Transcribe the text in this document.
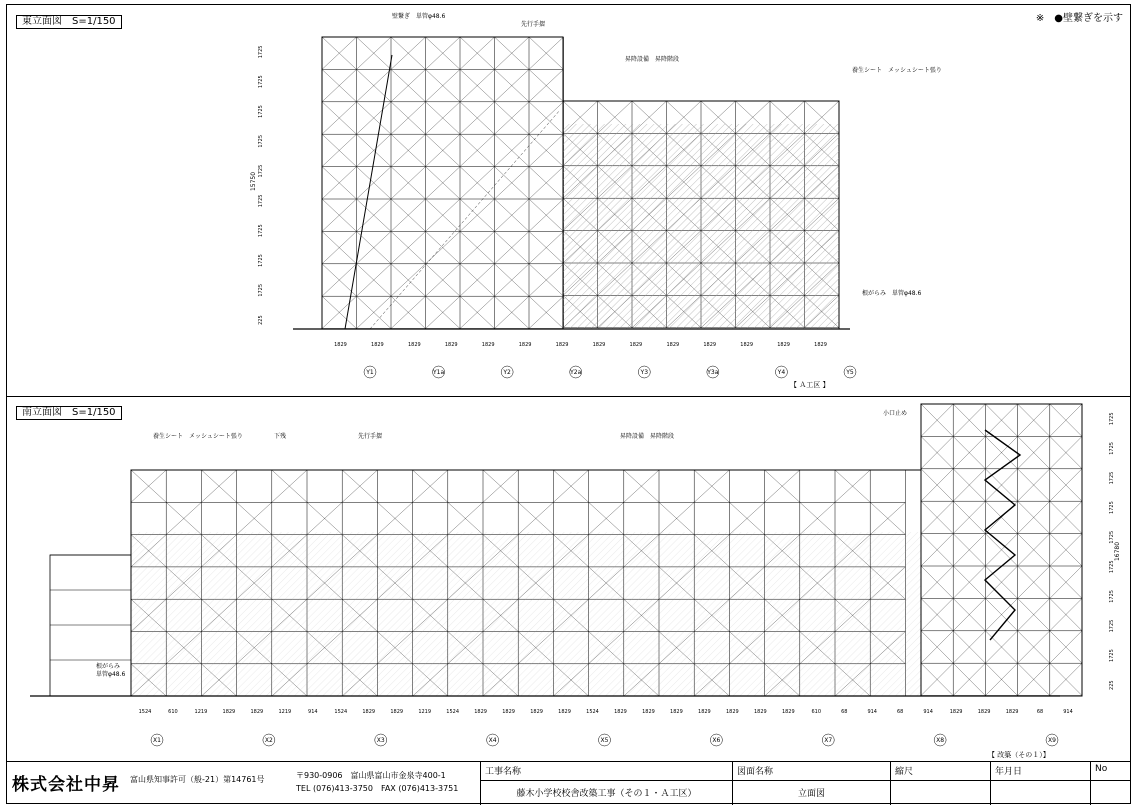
※　●壁繋ぎを示す
1829	1829	1829	1829	1829	1829	1829	1829	1829	1829	1829	1829	1829	1829
1725
1725
1725
1725
1725
1725
1725
1725
1725
225
1524	610	1219	1829	1829	1219	914	1524	1829	1829	1219	1524	1829	1829	1829	1829	1524	1829	1829	1829	1829	1829	1829	1829	610	68	914	68	914	1829	1829	1829	68	914
1725
1725
1725
1725
1725
1725
1725
1725
1725
225
Y1	Y1a	Y2	Y2a	Y3	Y3a	Y4	Y5
X1	X2	X3	X4	X5	X6	X7	X8	X9
東立面図　S=1/150
南立面図　S=1/150
壁繋ぎ　単管φ48.6
先行手摺
昇降設備　昇降階段
養生シート　メッシュシート張り
根がらみ　単管φ48.6
15750
【 Ａ工区 】
養生シート　メッシュシート張り	下残	先行手摺	昇降設備　昇降階段
小口止め
根がらみ
単管φ48.6
16780
【 改築（その１）】
株式会社中昇 富山県知事許可（般-21）第14761号	〒930-0906　富山県富山市金泉寺400-1
TEL (076)413-3750　FAX (076)413-3751
工事名称
藤木小学校校舎改築工事（その１・Ａ工区）
図面名称
立面図
縮尺	年月日	No
